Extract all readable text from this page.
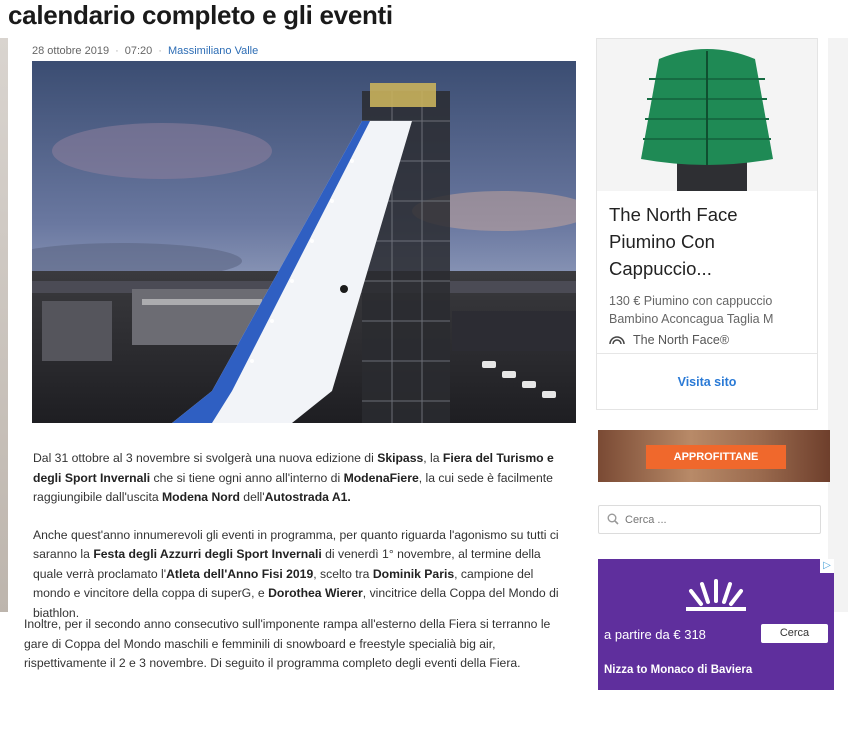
calendario completo e gli eventi
28 ottobre 2019 · 07:20 · Massimiliano Valle

Dal 31 ottobre al 3 novembre si svolgerà una nuova edizione di Skipass, la Fiera del Turismo e degli Sport Invernali che si tiene ogni anno all'interno di ModenaFiere, la cui sede è facilmente raggiungibile dall'uscita Modena Nord dell'Autostrada A1.

Anche quest'anno innumerevoli gli eventi in programma, per quanto riguarda l'agonismo su tutti ci saranno la Festa degli Azzurri degli Sport Invernali di venerdì 1° novembre, al termine della quale verrà proclamato l'Atleta dell'Anno Fisi 2019, scelto tra Dominik Paris, campione del mondo e vincitore della coppa di superG, e Dorothea Wierer, vincitrice della Coppa del Mondo di biathlon.

Inoltre, per il secondo anno consecutivo sull'imponente rampa all'esterno della Fiera si terranno le gare di Coppa del Mondo maschili e femminili di snowboard e freestyle specialià big air, rispettivamente il 2 e 3 novembre. Di seguito il programma completo degli eventi della Fiera.
The North Face Piumino Con Cappuccio...
130 € Piumino con cappuccio Bambino Aconcagua Taglia M
The North Face®
Visita sito
APPROFITTANE
Cerca ...
▷
a partire da € 318	Cerca
Nizza to Monaco di Baviera
